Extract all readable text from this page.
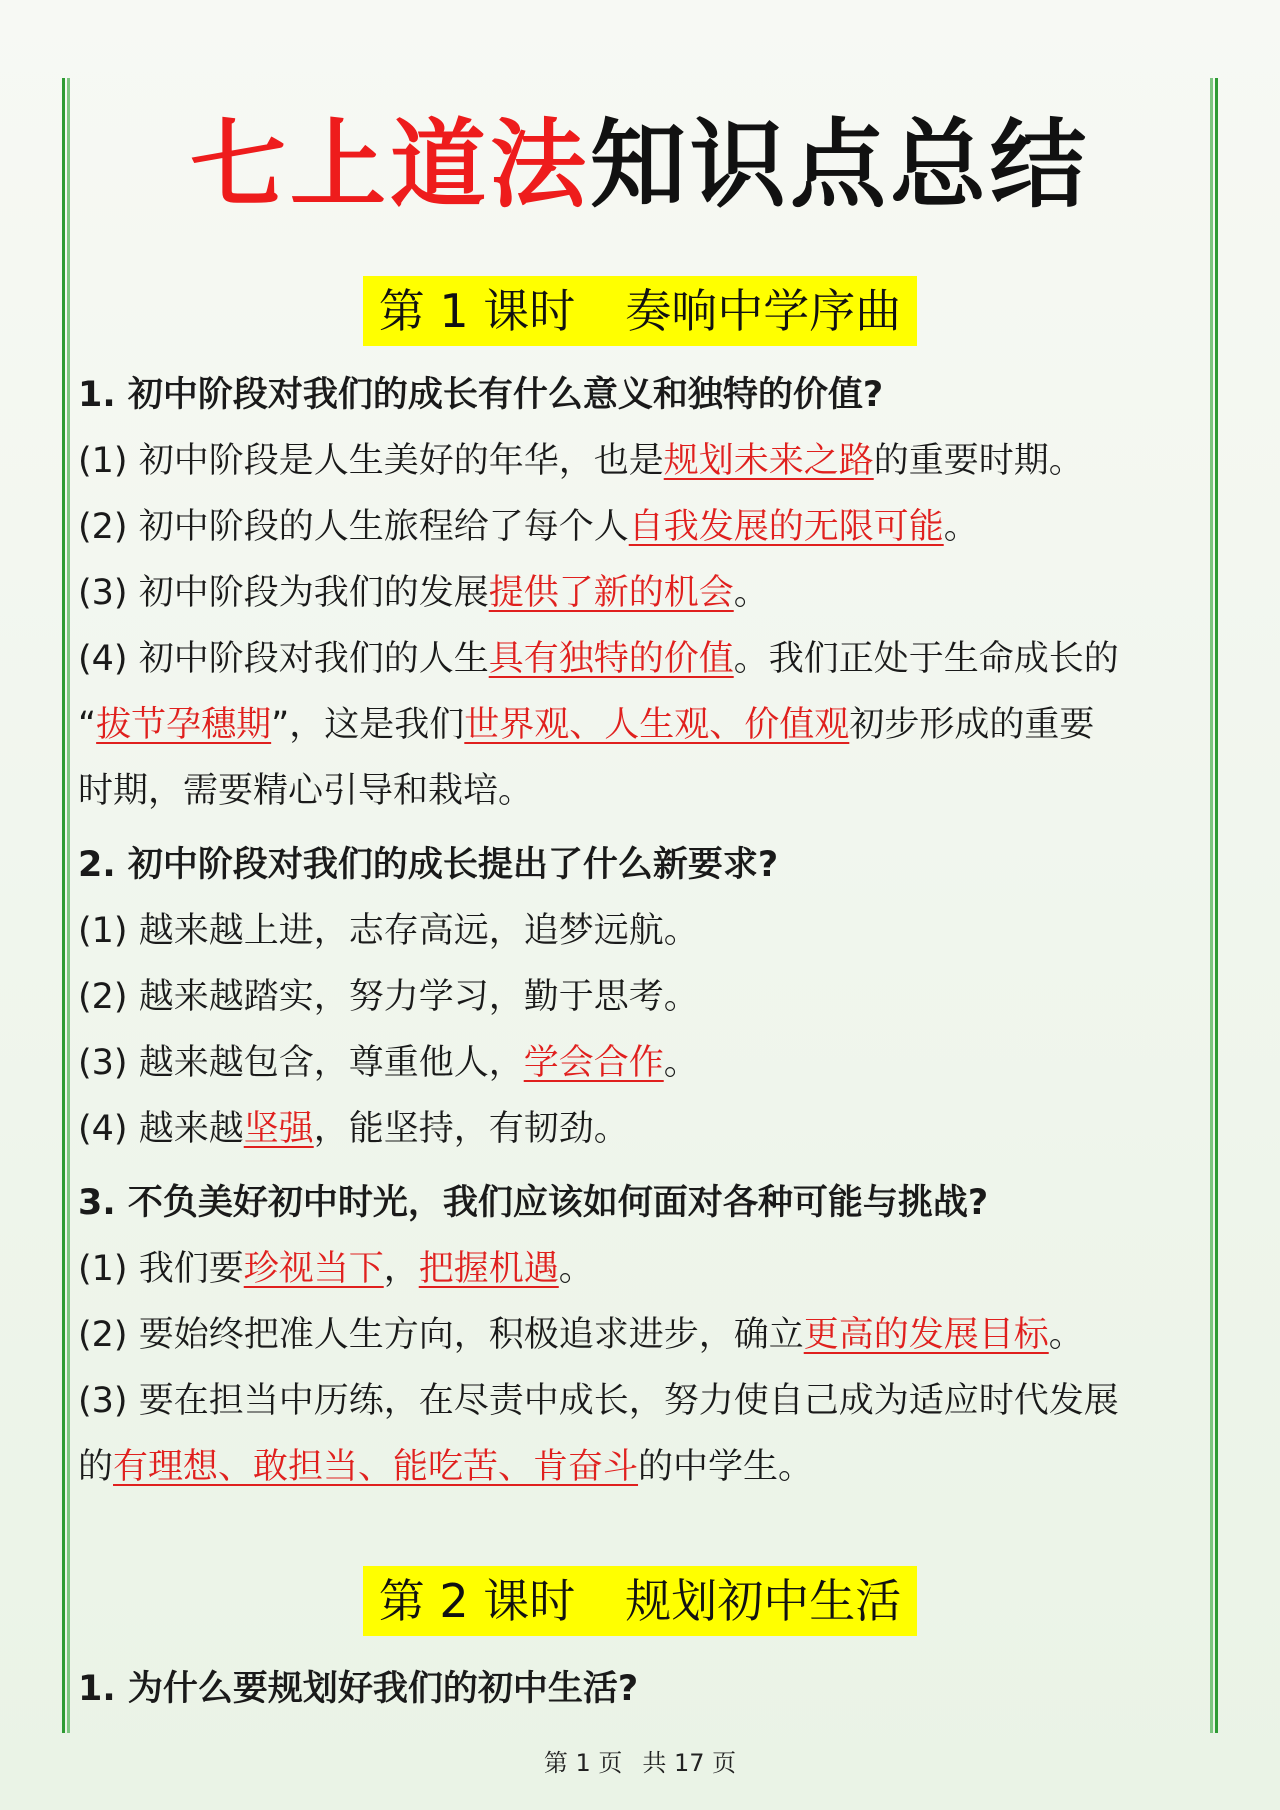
七上道法知识点总结
第 1 课时 奏响中学序曲

1. 初中阶段对我们的成长有什么意义和独特的价值?

(1) 初中阶段是人生美好的年华，也是规划未来之路的重要时期。

(2) 初中阶段的人生旅程给了每个人自我发展的无限可能。

(3) 初中阶段为我们的发展提供了新的机会。

(4) 初中阶段对我们的人生具有独特的价值。我们正处于生命成长的
“拔节孕穗期”，这是我们世界观、人生观、价值观初步形成的重要
时期，需要精心引导和栽培。

2. 初中阶段对我们的成长提出了什么新要求?

(1) 越来越上进，志存高远，追梦远航。

(2) 越来越踏实，努力学习，勤于思考。

(3) 越来越包含，尊重他人，学会合作。

(4) 越来越坚强，能坚持，有韧劲。

3. 不负美好初中时光，我们应该如何面对各种可能与挑战?

(1) 我们要珍视当下，把握机遇。

(2) 要始终把准人生方向，积极追求进步，确立更高的发展目标。

(3) 要在担当中历练，在尽责中成长，努力使自己成为适应时代发展
的有理想、敢担当、能吃苦、肯奋斗的中学生。

第 2 课时 规划初中生活

1. 为什么要规划好我们的初中生活?

第 1 页 共 17 页
